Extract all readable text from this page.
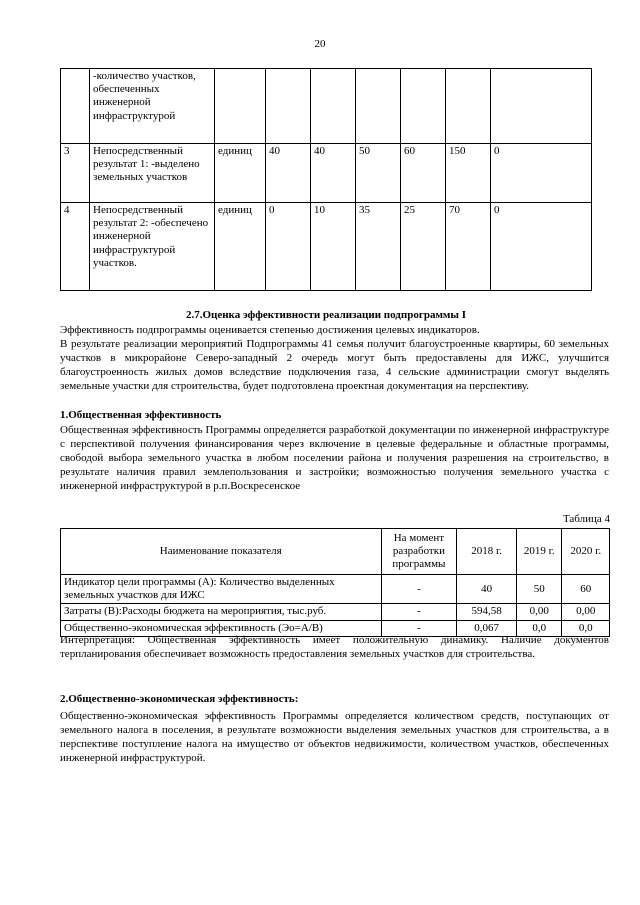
20
	-количество участков, обеспеченных инженерной инфраструктурой							
3	Непосредственный результат 1: -выделено земельных участков	единиц	40	40	50	60	150	0
4	Непосредственный результат 2: -обеспечено инженерной инфраструктурой участков.	единиц	0	10	35	25	70	0
2.7.Оценка эффективности реализации подпрограммы I
Эффективность подпрограммы оценивается степенью достижения целевых индикаторов.
В результате реализации мероприятий Подпрограммы 41 семья получит благоустроенные квартиры, 60 земельных участков в микрорайоне Северо-западный 2 очередь могут быть предоставлены для ИЖС, улучшится благоустроенность жилых домов вследствие подключения газа, 4 сельские администрации смогут выделять земельные участки для строительства, будет подготовлена проектная документация на перспективу.
1.Общественная эффективность
Общественная эффективность Программы определяется разработкой документации по инженерной инфраструктуре с перспективой получения финансирования через включение в целевые федеральные и областные программы, свободой выбора земельного участка в любом поселении района и получения разрешения на строительство, в результате наличия правил землепользования и застройки; возможностью получения земельного участка с инженерной инфраструктурой в р.п.Воскресенское
Таблица 4
Наименование показателя	На момент разработки программы	2018 г.	2019 г.	2020 г.
Индикатор цели программы (А): Количество выделенных земельных участков для ИЖС	-	40	50	60
Затраты (В):Расходы бюджета на мероприятия, тыс.руб.	-	594,58	0,00	0,00
Общественно-экономическая эффективность (Эо=А/В)	-	0,067	0,0	0,0
Интерпретация: Общественная эффективность имеет положительную динамику. Наличие документов терпланирования обеспечивает возможность предоставления земельных участков для строительства.
2.Общественно-экономическая эффективность:
Общественно-экономическая эффективность Программы определяется количеством средств, поступающих от земельного налога в поселения, в результате возможности выделения земельных участков для строительства, а в перспективе поступление налога на имущество от объектов недвижимости, количеством участков, обеспеченных инженерной инфраструктурой.
